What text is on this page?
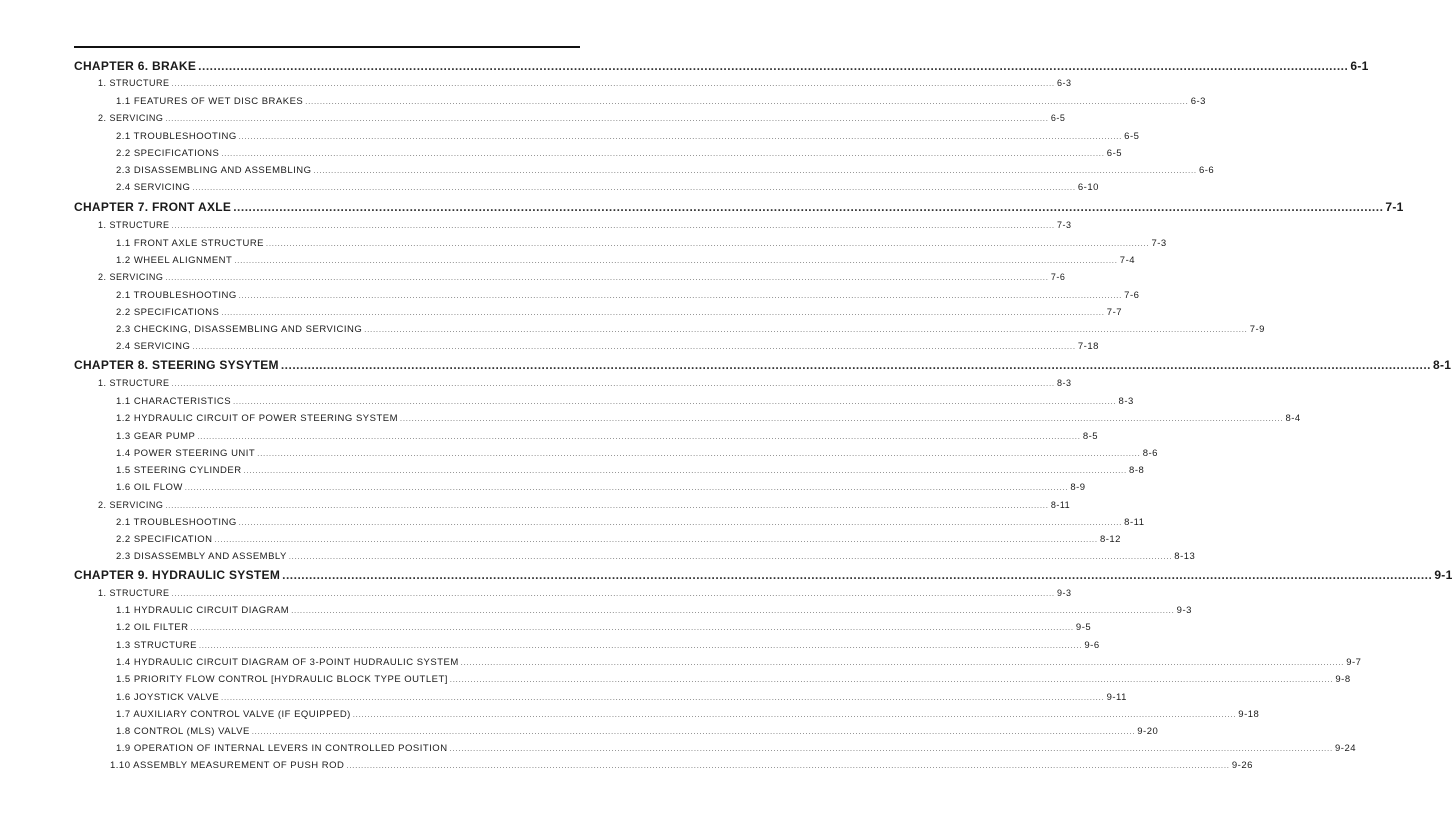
CHAPTER 6. BRAKE ............................................................................................................................................................................................................................................................................................................ 6-1
1. STRUCTURE ............................................................................................................................................................................................................................................................................................................ 6-3
1.1 FEATURES OF WET DISC BRAKES ............................................................................................................................................................................................................................................................................................................ 6-3
2. SERVICING ............................................................................................................................................................................................................................................................................................................ 6-5
2.1 TROUBLESHOOTING ............................................................................................................................................................................................................................................................................................................ 6-5
2.2 SPECIFICATIONS ............................................................................................................................................................................................................................................................................................................ 6-5
2.3 DISASSEMBLING AND ASSEMBLING ............................................................................................................................................................................................................................................................................................................ 6-6
2.4 SERVICING ............................................................................................................................................................................................................................................................................................................ 6-10
CHAPTER 7. FRONT AXLE ............................................................................................................................................................................................................................................................................................................ 7-1
1. STRUCTURE ............................................................................................................................................................................................................................................................................................................ 7-3
1.1 FRONT AXLE STRUCTURE ............................................................................................................................................................................................................................................................................................................ 7-3
1.2 WHEEL ALIGNMENT ............................................................................................................................................................................................................................................................................................................ 7-4
2. SERVICING ............................................................................................................................................................................................................................................................................................................ 7-6
2.1 TROUBLESHOOTING ............................................................................................................................................................................................................................................................................................................ 7-6
2.2 SPECIFICATIONS ............................................................................................................................................................................................................................................................................................................ 7-7
2.3 CHECKING, DISASSEMBLING AND SERVICING ............................................................................................................................................................................................................................................................................................................ 7-9
2.4 SERVICING ............................................................................................................................................................................................................................................................................................................ 7-18
CHAPTER 8. STEERING SYSYTEM ............................................................................................................................................................................................................................................................................................................ 8-1
1. STRUCTURE ............................................................................................................................................................................................................................................................................................................ 8-3
1.1 CHARACTERISTICS ............................................................................................................................................................................................................................................................................................................ 8-3
1.2 HYDRAULIC CIRCUIT OF POWER STEERING SYSTEM ............................................................................................................................................................................................................................................................................................................ 8-4
1.3 GEAR PUMP ............................................................................................................................................................................................................................................................................................................ 8-5
1.4 POWER STEERING UNIT ............................................................................................................................................................................................................................................................................................................ 8-6
1.5 STEERING CYLINDER ............................................................................................................................................................................................................................................................................................................ 8-8
1.6 OIL FLOW ............................................................................................................................................................................................................................................................................................................ 8-9
2. SERVICING ............................................................................................................................................................................................................................................................................................................ 8-11
2.1 TROUBLESHOOTING ............................................................................................................................................................................................................................................................................................................ 8-11
2.2 SPECIFICATION ............................................................................................................................................................................................................................................................................................................ 8-12
2.3 DISASSEMBLY AND ASSEMBLY ............................................................................................................................................................................................................................................................................................................ 8-13
CHAPTER 9. HYDRAULIC SYSTEM ............................................................................................................................................................................................................................................................................................................ 9-1
1. STRUCTURE ............................................................................................................................................................................................................................................................................................................ 9-3
1.1 HYDRAULIC CIRCUIT DIAGRAM ............................................................................................................................................................................................................................................................................................................ 9-3
1.2 OIL FILTER ............................................................................................................................................................................................................................................................................................................ 9-5
1.3 STRUCTURE ............................................................................................................................................................................................................................................................................................................ 9-6
1.4 HYDRAULIC CIRCUIT DIAGRAM OF 3-POINT HUDRAULIC SYSTEM ............................................................................................................................................................................................................................................................................................................ 9-7
1.5 PRIORITY FLOW CONTROL [HYDRAULIC BLOCK TYPE OUTLET] ............................................................................................................................................................................................................................................................................................................ 9-8
1.6 JOYSTICK VALVE ............................................................................................................................................................................................................................................................................................................ 9-11
1.7 AUXILIARY CONTROL VALVE (IF EQUIPPED) ............................................................................................................................................................................................................................................................................................................ 9-18
1.8 CONTROL (MLS) VALVE ............................................................................................................................................................................................................................................................................................................ 9-20
1.9 OPERATION OF INTERNAL LEVERS IN CONTROLLED POSITION ............................................................................................................................................................................................................................................................................................................ 9-24
1.10 ASSEMBLY MEASUREMENT OF PUSH ROD ............................................................................................................................................................................................................................................................................................................ 9-26
